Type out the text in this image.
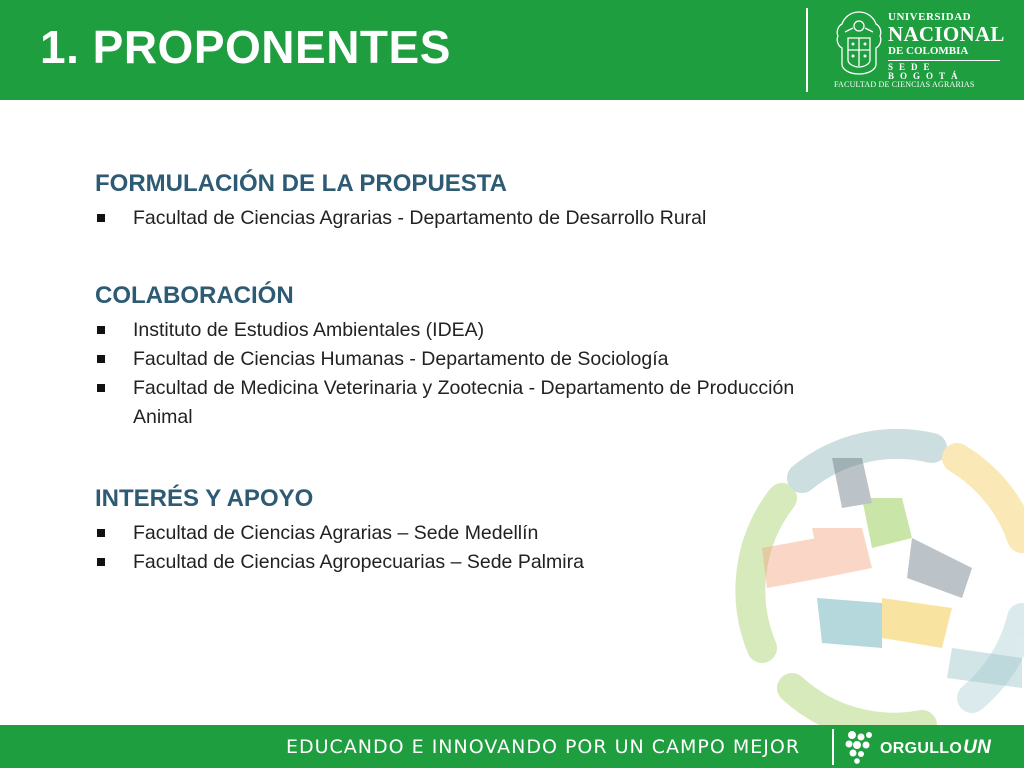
1. PROPONENTES
UNIVERSIDAD
NACIONAL
DE COLOMBIA
SEDE BOGOTÁ
FACULTAD DE CIENCIAS AGRARIAS
FORMULACIÓN DE LA PROPUESTA
Facultad de Ciencias Agrarias - Departamento de Desarrollo Rural
COLABORACIÓN
Instituto de Estudios Ambientales (IDEA)
Facultad de Ciencias Humanas - Departamento de Sociología
Facultad de Medicina Veterinaria y Zootecnia - Departamento de Producción Animal
INTERÉS Y APOYO
Facultad de Ciencias Agrarias – Sede Medellín
Facultad de Ciencias Agropecuarias – Sede Palmira
EDUCANDO E INNOVANDO POR UN CAMPO MEJOR	ORGULLOUN
